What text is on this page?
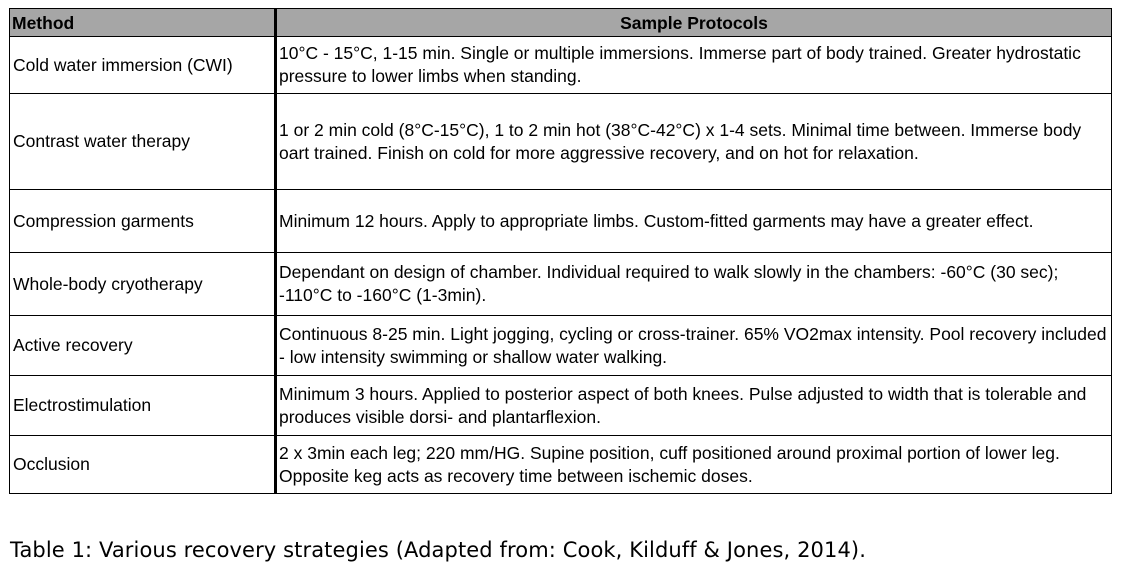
Method	Sample Protocols
Cold water immersion (CWI)	10°C - 15°C, 1-15 min. Single or multiple immersions. Immerse part of body trained. Greater hydrostatic pressure to lower limbs when standing.
Contrast water therapy	1 or 2 min cold (8°C-15°C), 1 to 2 min hot (38°C-42°C) x 1-4 sets. Minimal time between. Immerse body oart trained. Finish on cold for more aggressive recovery, and on hot for relaxation.
Compression garments	Minimum 12 hours. Apply to appropriate limbs. Custom-fitted garments may have a greater effect.
Whole-body cryotherapy	Dependant on design of chamber. Individual required to walk slowly in the chambers: -60°C (30 sec); -110°C to -160°C (1-3min).
Active recovery	Continuous 8-25 min. Light jogging, cycling or cross-trainer. 65% VO2max intensity. Pool recovery included - low intensity swimming or shallow water walking.
Electrostimulation	Minimum 3 hours. Applied to posterior aspect of both knees. Pulse adjusted to width that is tolerable and produces visible dorsi- and plantarflexion.
Occlusion	2 x 3min each leg; 220 mm/HG. Supine position, cuff positioned around proximal portion of lower leg. Opposite keg acts as recovery time between ischemic doses.
Table 1: Various recovery strategies (Adapted from: Cook, Kilduff & Jones, 2014).
